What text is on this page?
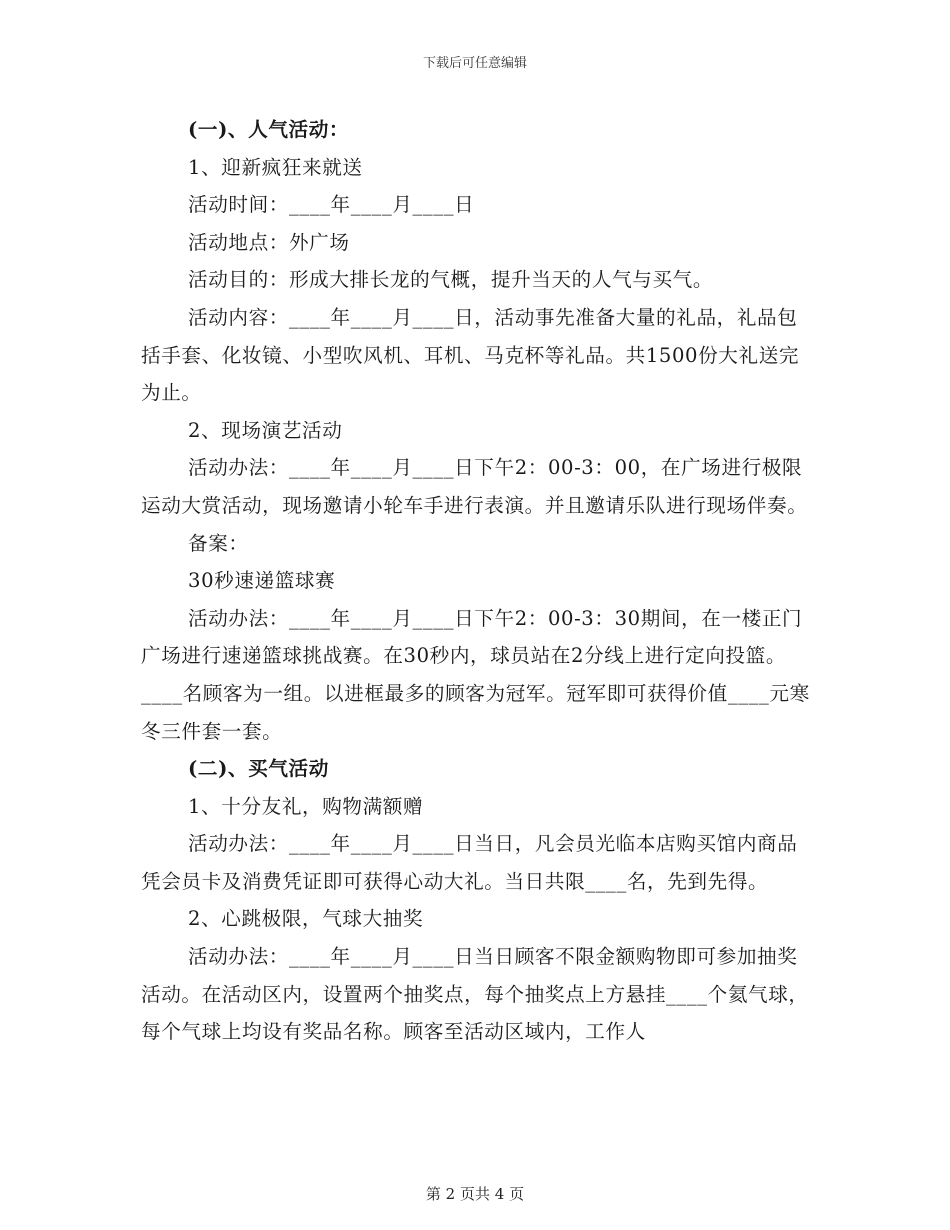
下载后可任意编辑

(一)、人气活动：

1、迎新疯狂来就送

活动时间：____年____月____日

活动地点：外广场

活动目的：形成大排长龙的气概，提升当天的人气与买气。

活动内容：____年____月____日，活动事先准备大量的礼品，礼品包括手套、化妆镜、小型吹风机、耳机、马克杯等礼品。共1500份大礼送完为止。

2、现场演艺活动

活动办法：____年____月____日下午2：00-3：00，在广场进行极限运动大赏活动，现场邀请小轮车手进行表演。并且邀请乐队进行现场伴奏。

备案：

30秒速递篮球赛

活动办法：____年____月____日下午2：00-3：30期间，在一楼正门广场进行速递篮球挑战赛。在30秒内，球员站在2分线上进行定向投篮。____名顾客为一组。以进框最多的顾客为冠军。冠军即可获得价值____元寒冬三件套一套。

(二)、买气活动

1、十分友礼，购物满额赠

活动办法：____年____月____日当日，凡会员光临本店购买馆内商品凭会员卡及消费凭证即可获得心动大礼。当日共限____名，先到先得。

2、心跳极限，气球大抽奖

活动办法：____年____月____日当日顾客不限金额购物即可参加抽奖活动。在活动区内，设置两个抽奖点，每个抽奖点上方悬挂____个氦气球，每个气球上均设有奖品名称。顾客至活动区域内，工作人

第 2 页共 4 页
